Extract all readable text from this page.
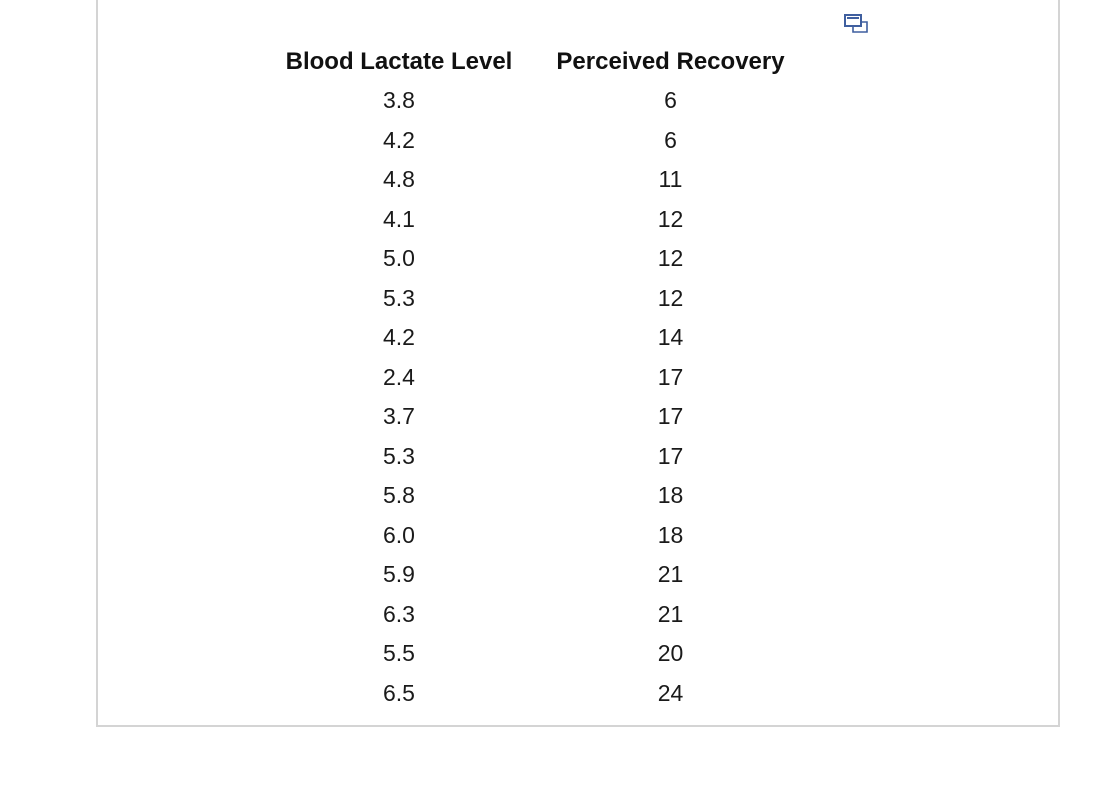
Blood Lactate Level	Perceived Recovery
3.8	6
4.2	6
4.8	11
4.1	12
5.0	12
5.3	12
4.2	14
2.4	17
3.7	17
5.3	17
5.8	18
6.0	18
5.9	21
6.3	21
5.5	20
6.5	24
